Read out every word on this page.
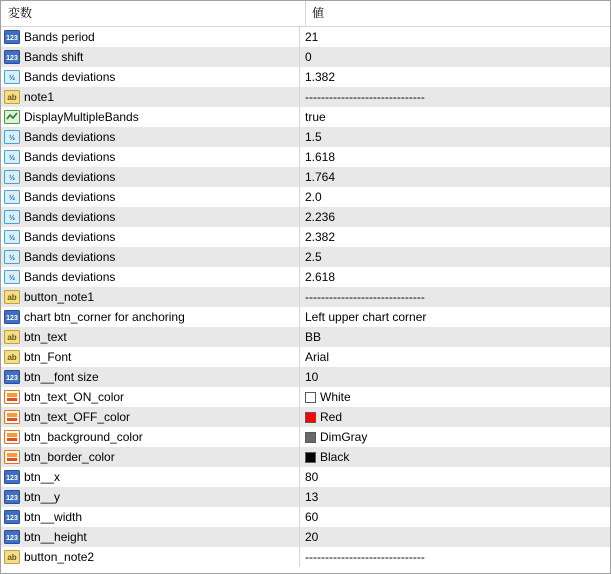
変数	値
123 Bands period	21
123 Bands shift	0
½ Bands deviations	1.382
ab note1	------------------------------
DisplayMultipleBands	true
½ Bands deviations	1.5
½ Bands deviations	1.618
½ Bands deviations	1.764
½ Bands deviations	2.0
½ Bands deviations	2.236
½ Bands deviations	2.382
½ Bands deviations	2.5
½ Bands deviations	2.618
ab button_note1	------------------------------
123 chart btn_corner for anchoring	Left upper chart corner
ab btn_text	BB
ab btn_Font	Arial
123 btn__font size	10
btn_text_ON_color	White
btn_text_OFF_color	Red
btn_background_color	DimGray
btn_border_color	Black
123 btn__x	80
123 btn__y	13
123 btn__width	60
123 btn__height	20
ab button_note2	------------------------------
